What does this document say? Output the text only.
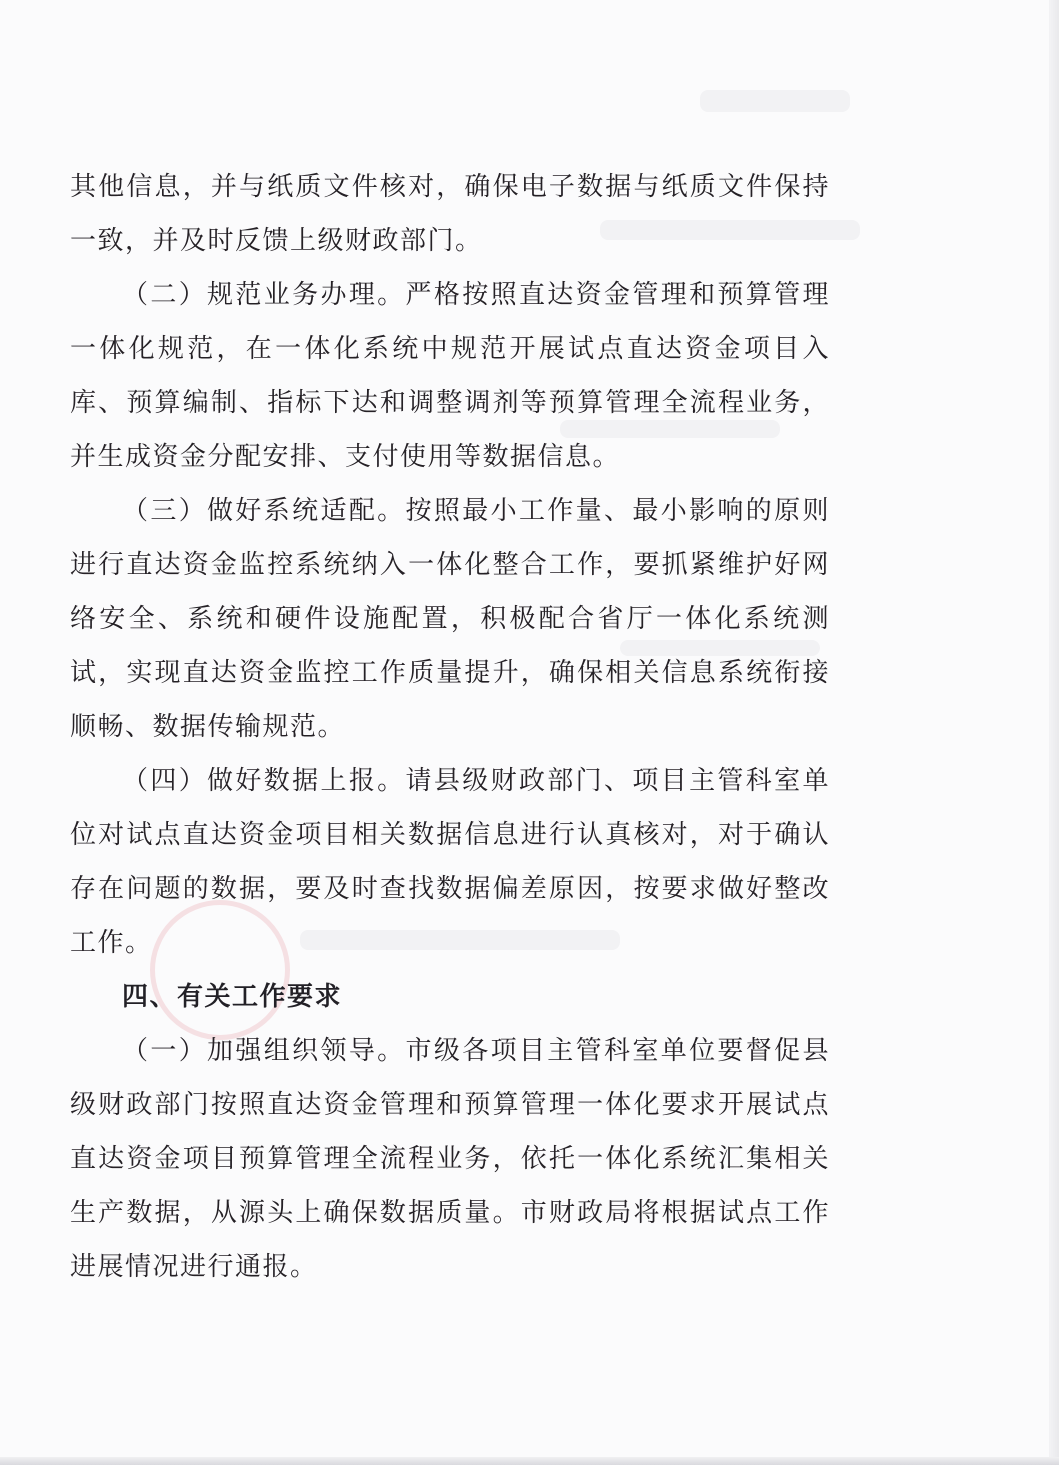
其他信息，并与纸质文件核对，确保电子数据与纸质文件保持一致，并及时反馈上级财政部门。

（二）规范业务办理。严格按照直达资金管理和预算管理一体化规范，在一体化系统中规范开展试点直达资金项目入库、预算编制、指标下达和调整调剂等预算管理全流程业务，并生成资金分配安排、支付使用等数据信息。

（三）做好系统适配。按照最小工作量、最小影响的原则进行直达资金监控系统纳入一体化整合工作，要抓紧维护好网络安全、系统和硬件设施配置，积极配合省厅一体化系统测试，实现直达资金监控工作质量提升，确保相关信息系统衔接顺畅、数据传输规范。

（四）做好数据上报。请县级财政部门、项目主管科室单位对试点直达资金项目相关数据信息进行认真核对，对于确认存在问题的数据，要及时查找数据偏差原因，按要求做好整改工作。

四、有关工作要求

（一）加强组织领导。市级各项目主管科室单位要督促县级财政部门按照直达资金管理和预算管理一体化要求开展试点直达资金项目预算管理全流程业务，依托一体化系统汇集相关生产数据，从源头上确保数据质量。市财政局将根据试点工作进展情况进行通报。
